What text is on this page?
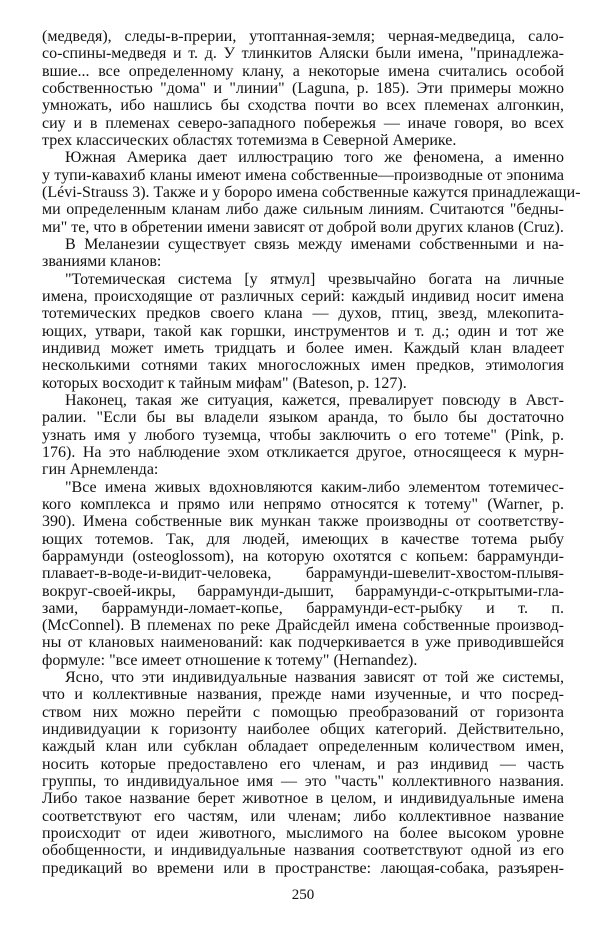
(медведя), следы-в-прерии, утоптанная-земля; черная-медведица, сало-
со-спины-медведя и т. д. У тлинкитов Аляски были имена, "принадлежа-
вшие... все определенному клану, а некоторые имена считались особой
собственностью "дома" и "линии" (Laguna, p. 185). Эти примеры можно
умножать, ибо нашлись бы сходства почти во всех племенах алгонкин,
сиу и в племенах северо-западного побережья — иначе говоря, во всех
трех классических областях тотемизма в Северной Америке.
Южная Америка дает иллюстрацию того же феномена, а именно
у тупи-кавахиб кланы имеют имена собственные—производные от эпонима
(Lévi-Strauss 3). Также и у бороро имена собственные кажутся принадлежащи-
ми определенным кланам либо даже сильным линиям. Считаются "бедны-
ми" те, что в обретении имени зависят от доброй воли других кланов (Cruz).
В Меланезии существует связь между именами собственными и на-
званиями кланов:
"Тотемическая система [у ятмул] чрезвычайно богата на личные
имена, происходящие от различных серий: каждый индивид носит имена
тотемических предков своего клана — духов, птиц, звезд, млекопита-
ющих, утвари, такой как горшки, инструментов и т. д.; один и тот же
индивид может иметь тридцать и более имен. Каждый клан владеет
несколькими сотнями таких многосложных имен предков, этимология
которых восходит к тайным мифам" (Bateson, p. 127).
Наконец, такая же ситуация, кажется, превалирует повсюду в Авст-
ралии. "Если бы вы владели языком аранда, то было бы достаточно
узнать имя у любого туземца, чтобы заключить о его тотеме" (Pink, p.
176). На это наблюдение эхом откликается другое, относящееся к мурн-
гин Арнемленда:
"Все имена живых вдохновляются каким-либо элементом тотемичес-
кого комплекса и прямо или непрямо относятся к тотему" (Warner, p.
390). Имена собственные вик мункан также производны от соответству-
ющих тотемов. Так, для людей, имеющих в качестве тотема рыбу
баррамунди (osteoglossom), на которую охотятся с копьем: баррамунди-
плавает-в-воде-и-видит-человека, баррамунди-шевелит-хвостом-плывя-
вокруг-своей-икры, баррамунди-дышит, баррамунди-с-открытыми-гла-
зами, баррамунди-ломает-копье, баррамунди-ест-рыбку и т. п.
(McConnel). В племенах по реке Драйсдейл имена собственные производ-
ны от клановых наименований: как подчеркивается в уже приводившейся
формуле: "все имеет отношение к тотему" (Hernandez).
Ясно, что эти индивидуальные названия зависят от той же системы,
что и коллективные названия, прежде нами изученные, и что посред-
ством них можно перейти с помощью преобразований от горизонта
индивидуации к горизонту наиболее общих категорий. Действительно,
каждый клан или субклан обладает определенным количеством имен,
носить которые предоставлено его членам, и раз индивид — часть
группы, то индивидуальное имя — это "часть" коллективного названия.
Либо такое название берет животное в целом, и индивидуальные имена
соответствуют его частям, или членам; либо коллективное название
происходит от идеи животного, мыслимого на более высоком уровне
обобщенности, и индивидуальные названия соответствуют одной из его
предикаций во времени или в пространстве: лающая-собака, разъярен-
250
